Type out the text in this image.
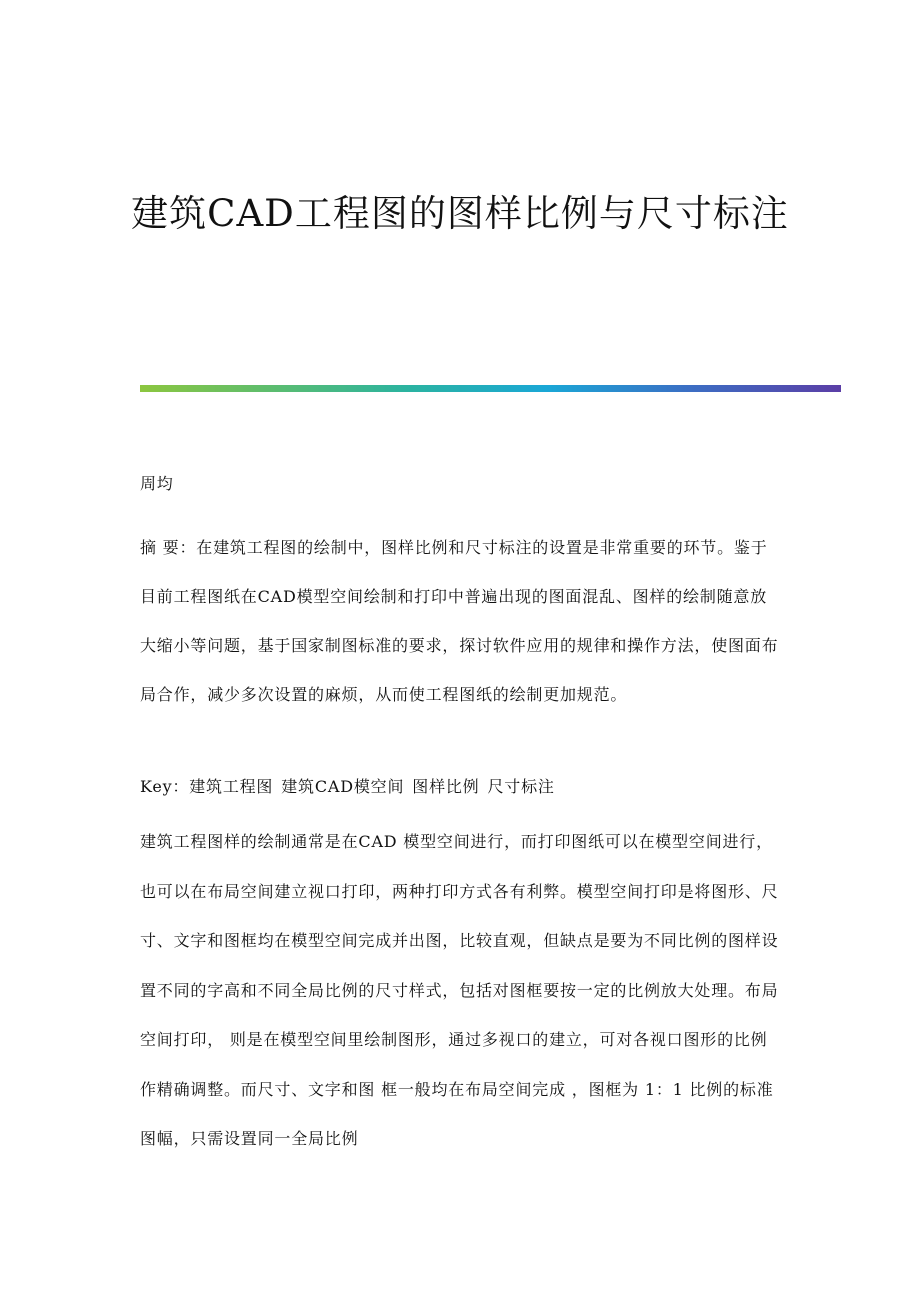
建筑CAD工程图的图样比例与尺寸标注
周均
摘 要：在建筑工程图的绘制中，图样比例和尺寸标注的设置是非常重要的环节。鉴于目前工程图纸在CAD模型空间绘制和打印中普遍出现的图面混乱、图样的绘制随意放大缩小等问题，基于国家制图标准的要求，探讨软件应用的规律和操作方法，使图面布局合作，减少多次设置的麻烦，从而使工程图纸的绘制更加规范。
Key：建筑工程图 建筑CAD模空间 图样比例 尺寸标注
建筑工程图样的绘制通常是在CAD 模型空间进行，而打印图纸可以在模型空间进行，也可以在布局空间建立视口打印，两种打印方式各有利弊。模型空间打印是将图形、尺寸、文字和图框均在模型空间完成并出图，比较直观，但缺点是要为不同比例的图样设置不同的字高和不同全局比例的尺寸样式，包括对图框要按一定的比例放大处理。布局空间打印， 则是在模型空间里绘制图形，通过多视口的建立，可对各视口图形的比例作精确调整。而尺寸、文字和图 框一般均在布局空间完成 ，图框为 1：1 比例的标准图幅，只需设置同一全局比例
